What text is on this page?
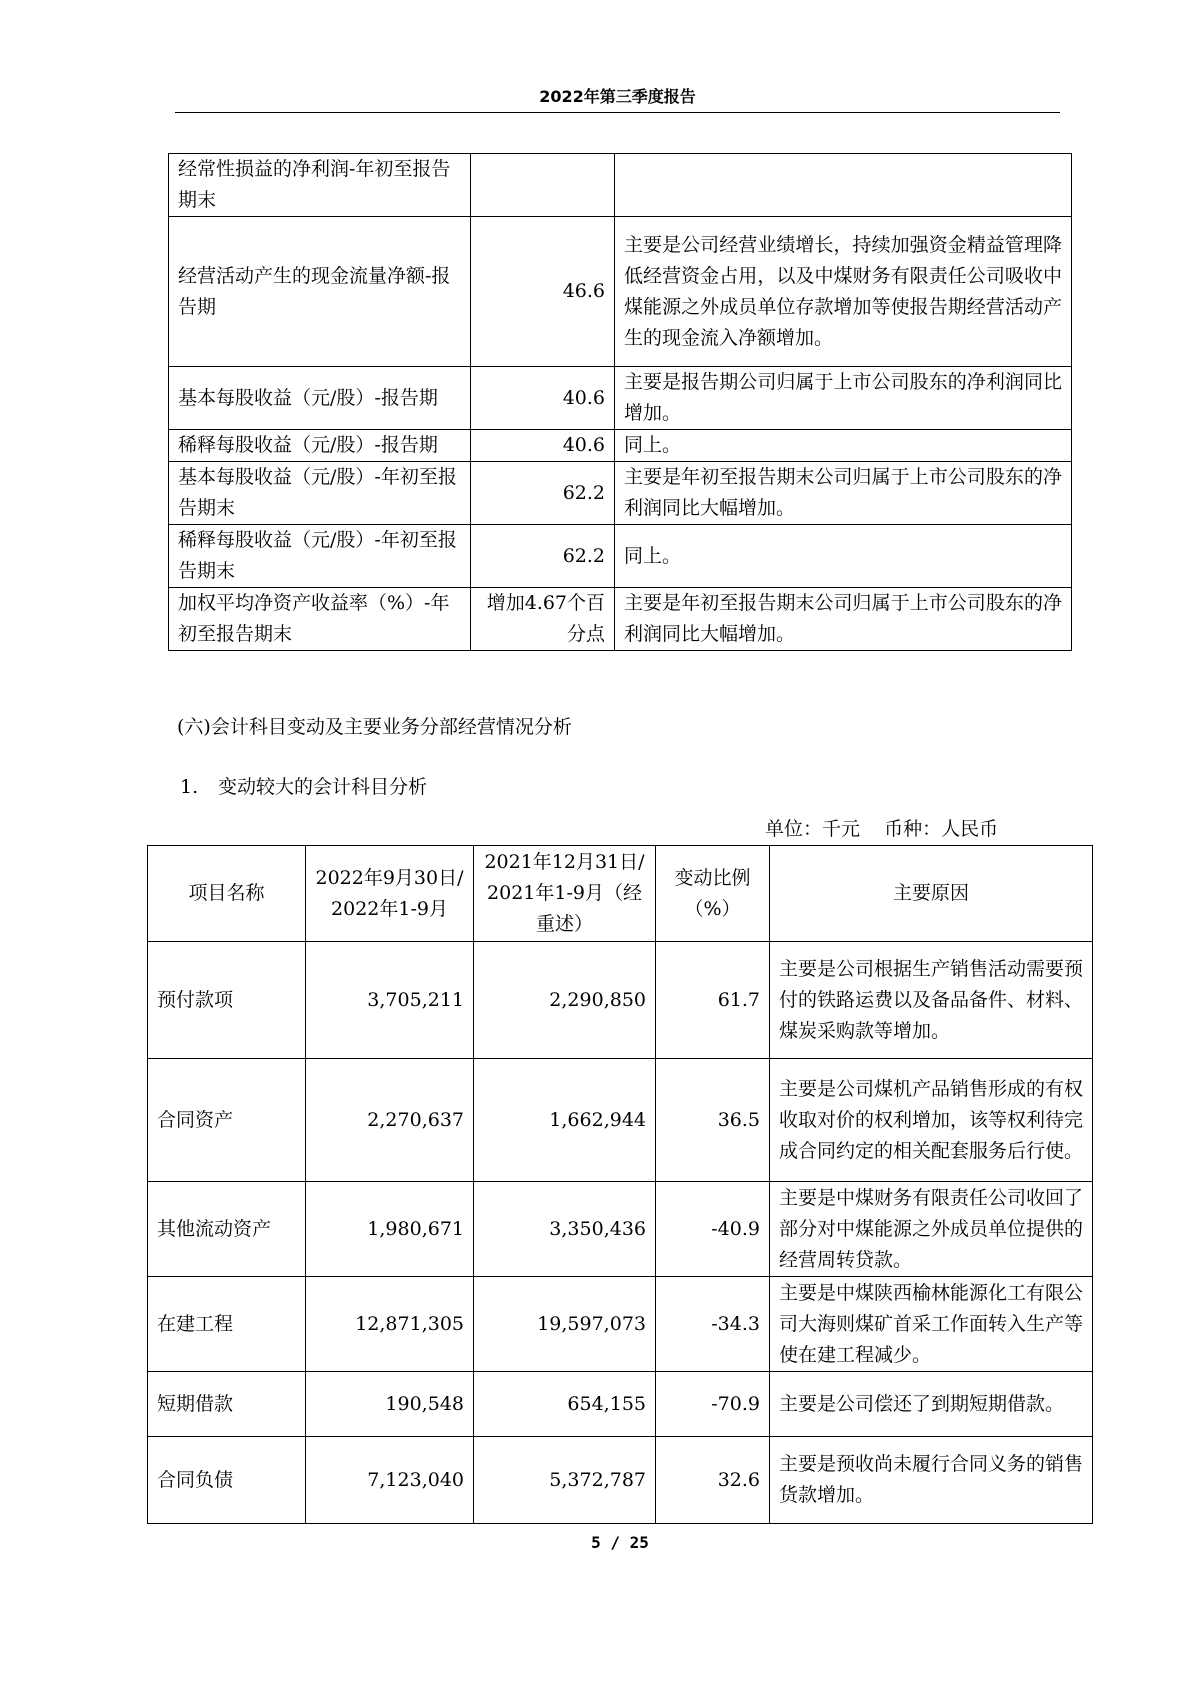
2022年第三季度报告
经常性损益的净利润-年初至报告期末		
经营活动产生的现金流量净额-报告期	46.6	主要是公司经营业绩增长，持续加强资金精益管理降低经营资金占用，以及中煤财务有限责任公司吸收中煤能源之外成员单位存款增加等使报告期经营活动产生的现金流入净额增加。
基本每股收益（元/股）-报告期	40.6	主要是报告期公司归属于上市公司股东的净利润同比增加。
稀释每股收益（元/股）-报告期	40.6	同上。
基本每股收益（元/股）-年初至报告期末	62.2	主要是年初至报告期末公司归属于上市公司股东的净利润同比大幅增加。
稀释每股收益（元/股）-年初至报告期末	62.2	同上。
加权平均净资产收益率（%）-年初至报告期末	增加4.67个百分点	主要是年初至报告期末公司归属于上市公司股东的净利润同比大幅增加。
(六)会计科目变动及主要业务分部经营情况分析
1. 变动较大的会计科目分析
单位：千元    币种：人民币
项目名称	2022年9月30日/2022年1-9月	2021年12月31日/2021年1-9月（经重述）	变动比例（%）	主要原因
预付款项	3,705,211	2,290,850	61.7	主要是公司根据生产销售活动需要预付的铁路运费以及备品备件、材料、煤炭采购款等增加。
合同资产	2,270,637	1,662,944	36.5	主要是公司煤机产品销售形成的有权收取对价的权利增加，该等权利待完成合同约定的相关配套服务后行使。
其他流动资产	1,980,671	3,350,436	-40.9	主要是中煤财务有限责任公司收回了部分对中煤能源之外成员单位提供的经营周转贷款。
在建工程	12,871,305	19,597,073	-34.3	主要是中煤陕西榆林能源化工有限公司大海则煤矿首采工作面转入生产等使在建工程减少。
短期借款	190,548	654,155	-70.9	主要是公司偿还了到期短期借款。
合同负债	7,123,040	5,372,787	32.6	主要是预收尚未履行合同义务的销售货款增加。
5 / 25
